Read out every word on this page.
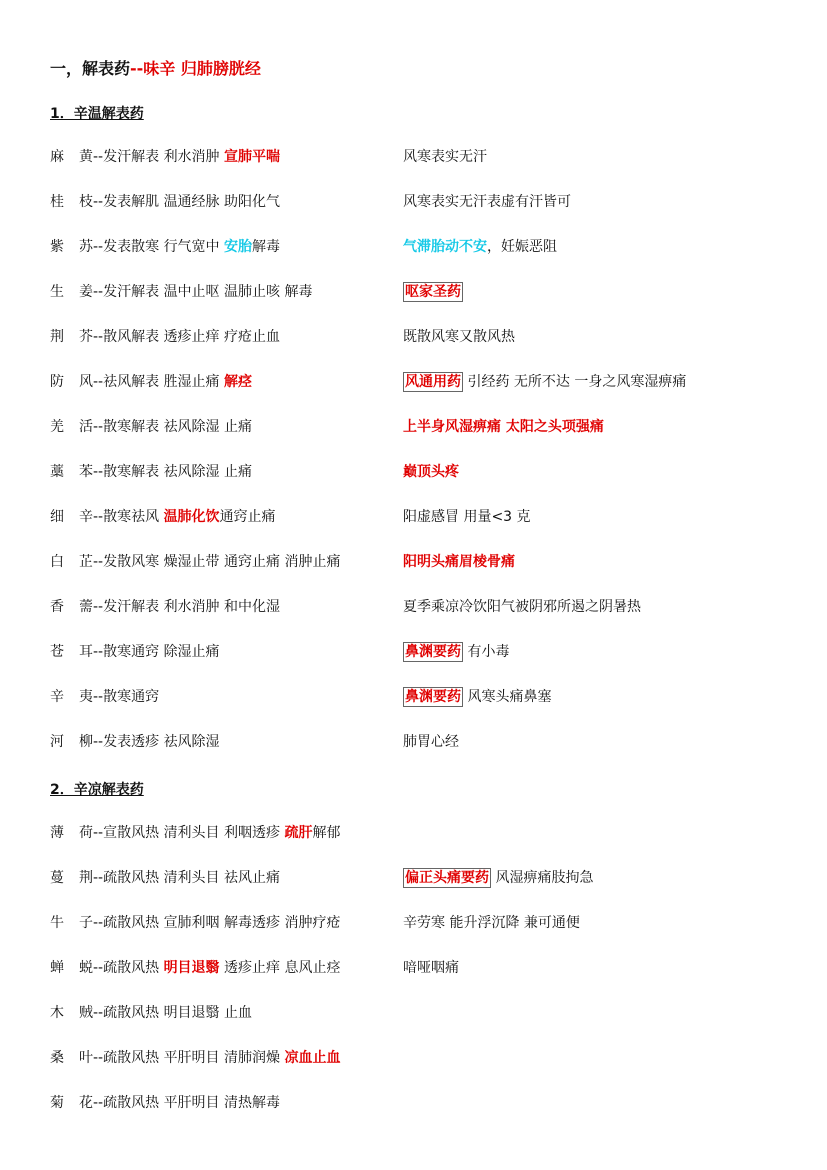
一，解表药--味辛 归肺膀胱经
1．辛温解表药
2．辛凉解表药
麻 黄--发汗解表 利水消肿 宣肺平喘	风寒表实无汗
桂 枝--发表解肌 温通经脉 助阳化气	风寒表实无汗表虚有汗皆可
紫 苏--发表散寒 行气宽中 安胎解毒	气滞胎动不安，妊娠恶阻
生 姜--发汗解表 温中止呕 温肺止咳 解毒	呕家圣药
荆 芥--散风解表 透疹止痒 疗疮止血	既散风寒又散风热
防 风--祛风解表 胜湿止痛 解痉	风通用药 引经药 无所不达 一身之风寒湿痹痛
羌 活--散寒解表 祛风除湿 止痛	上半身风湿痹痛 太阳之头项强痛
藁 苯--散寒解表 祛风除湿 止痛	巅顶头疼
细 辛--散寒祛风 温肺化饮通窍止痛	阳虚感冒 用量<3 克
白 芷--发散风寒 燥湿止带 通窍止痛 消肿止痛	阳明头痛眉棱骨痛
香 薷--发汗解表 利水消肿 和中化湿	夏季乘凉冷饮阳气被阴邪所遏之阴暑热
苍 耳--散寒通窍 除湿止痛	鼻渊要药 有小毒
辛 夷--散寒通窍	鼻渊要药 风寒头痛鼻塞
河 柳--发表透疹 祛风除湿	肺胃心经
薄 荷--宣散风热 清利头目 利咽透疹 疏肝解郁
蔓 荆--疏散风热 清利头目 祛风止痛	偏正头痛要药 风湿痹痛肢拘急
牛 子--疏散风热 宣肺利咽 解毒透疹 消肿疗疮	辛劳寒 能升浮沉降 兼可通便
蝉 蜕--疏散风热 明目退翳 透疹止痒 息风止痉	喑哑咽痛
木 贼--疏散风热 明目退翳 止血
桑 叶--疏散风热 平肝明目 清肺润燥 凉血止血
菊 花--疏散风热 平肝明目 清热解毒
